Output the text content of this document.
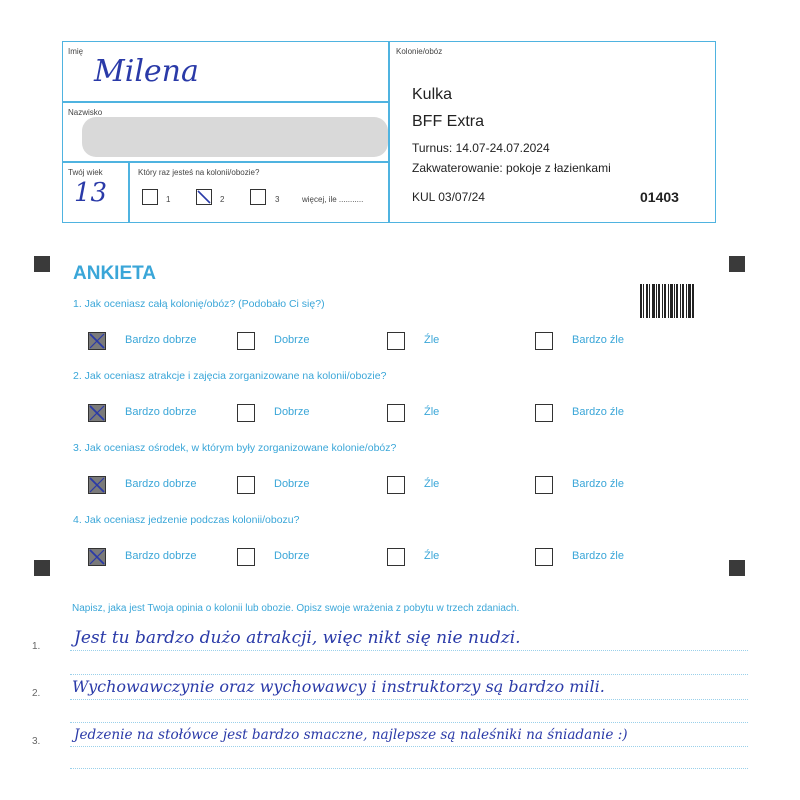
Imię
Milena
Nazwisko
Twój wiek
13
Który raz jesteś na kolonii/obozie?
1	2	3	więcej, ile ...........
Kolonie/obóz
Kulka
BFF Extra
Turnus: 14.07-24.07.2024
Zakwaterowanie: pokoje z łazienkami
KUL 03/07/24	01403
ANKIETA
1. Jak oceniasz całą kolonię/obóz? (Podobało Ci się?)
Bardzo dobrze	Dobrze	Źle	Bardzo źle
2. Jak oceniasz atrakcje i zajęcia zorganizowane na kolonii/obozie?
Bardzo dobrze	Dobrze	Źle	Bardzo źle
3. Jak oceniasz ośrodek, w którym były zorganizowane kolonie/obóz?
Bardzo dobrze	Dobrze	Źle	Bardzo źle
4. Jak oceniasz jedzenie podczas kolonii/obozu?
Bardzo dobrze	Dobrze	Źle	Bardzo źle
Napisz, jaka jest Twoja opinia o kolonii lub obozie. Opisz swoje wrażenia z pobytu w trzech zdaniach.
1. Jest tu bardzo dużo atrakcji, więc nikt się nie nudzi.
2. Wychowawczynie oraz wychowawcy i instruktorzy są bardzo mili.
3. Jedzenie na stołówce jest bardzo smaczne, najlepsze są naleśniki na śniadanie :)
